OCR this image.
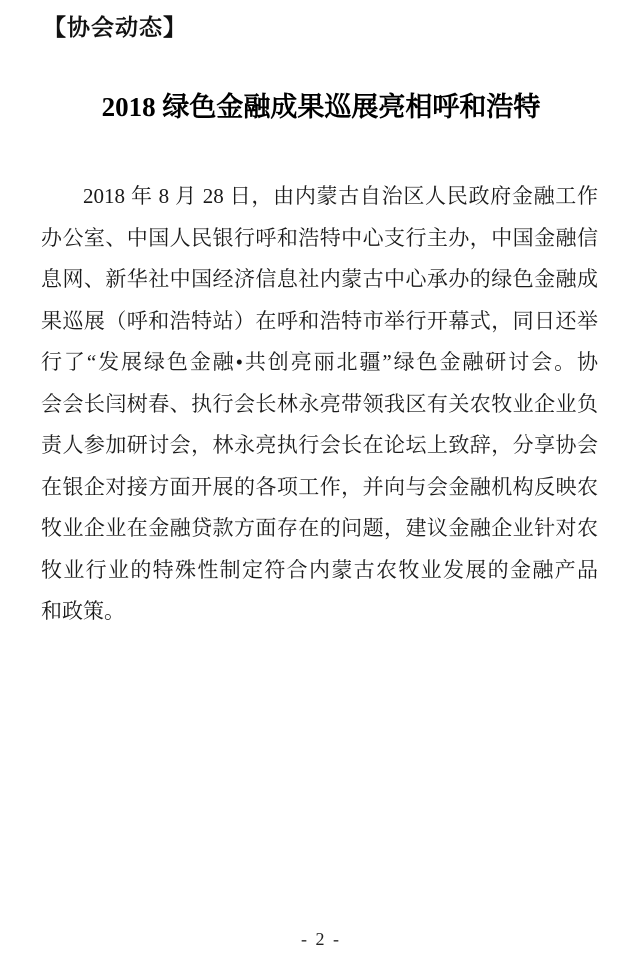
【协会动态】
2018 绿色金融成果巡展亮相呼和浩特
2018 年 8 月 28 日，由内蒙古自治区人民政府金融工作
办公室、中国人民银行呼和浩特中心支行主办，中国金融信
息网、新华社中国经济信息社内蒙古中心承办的绿色金融成
果巡展（呼和浩特站）在呼和浩特市举行开幕式，同日还举
行了“发展绿色金融•共创亮丽北疆”绿色金融研讨会。协
会会长闫树春、执行会长林永亮带领我区有关农牧业企业负
责人参加研讨会，林永亮执行会长在论坛上致辞，分享协会
在银企对接方面开展的各项工作，并向与会金融机构反映农
牧业企业在金融贷款方面存在的问题，建议金融企业针对农
牧业行业的特殊性制定符合内蒙古农牧业发展的金融产品
和政策。
- 2 -
